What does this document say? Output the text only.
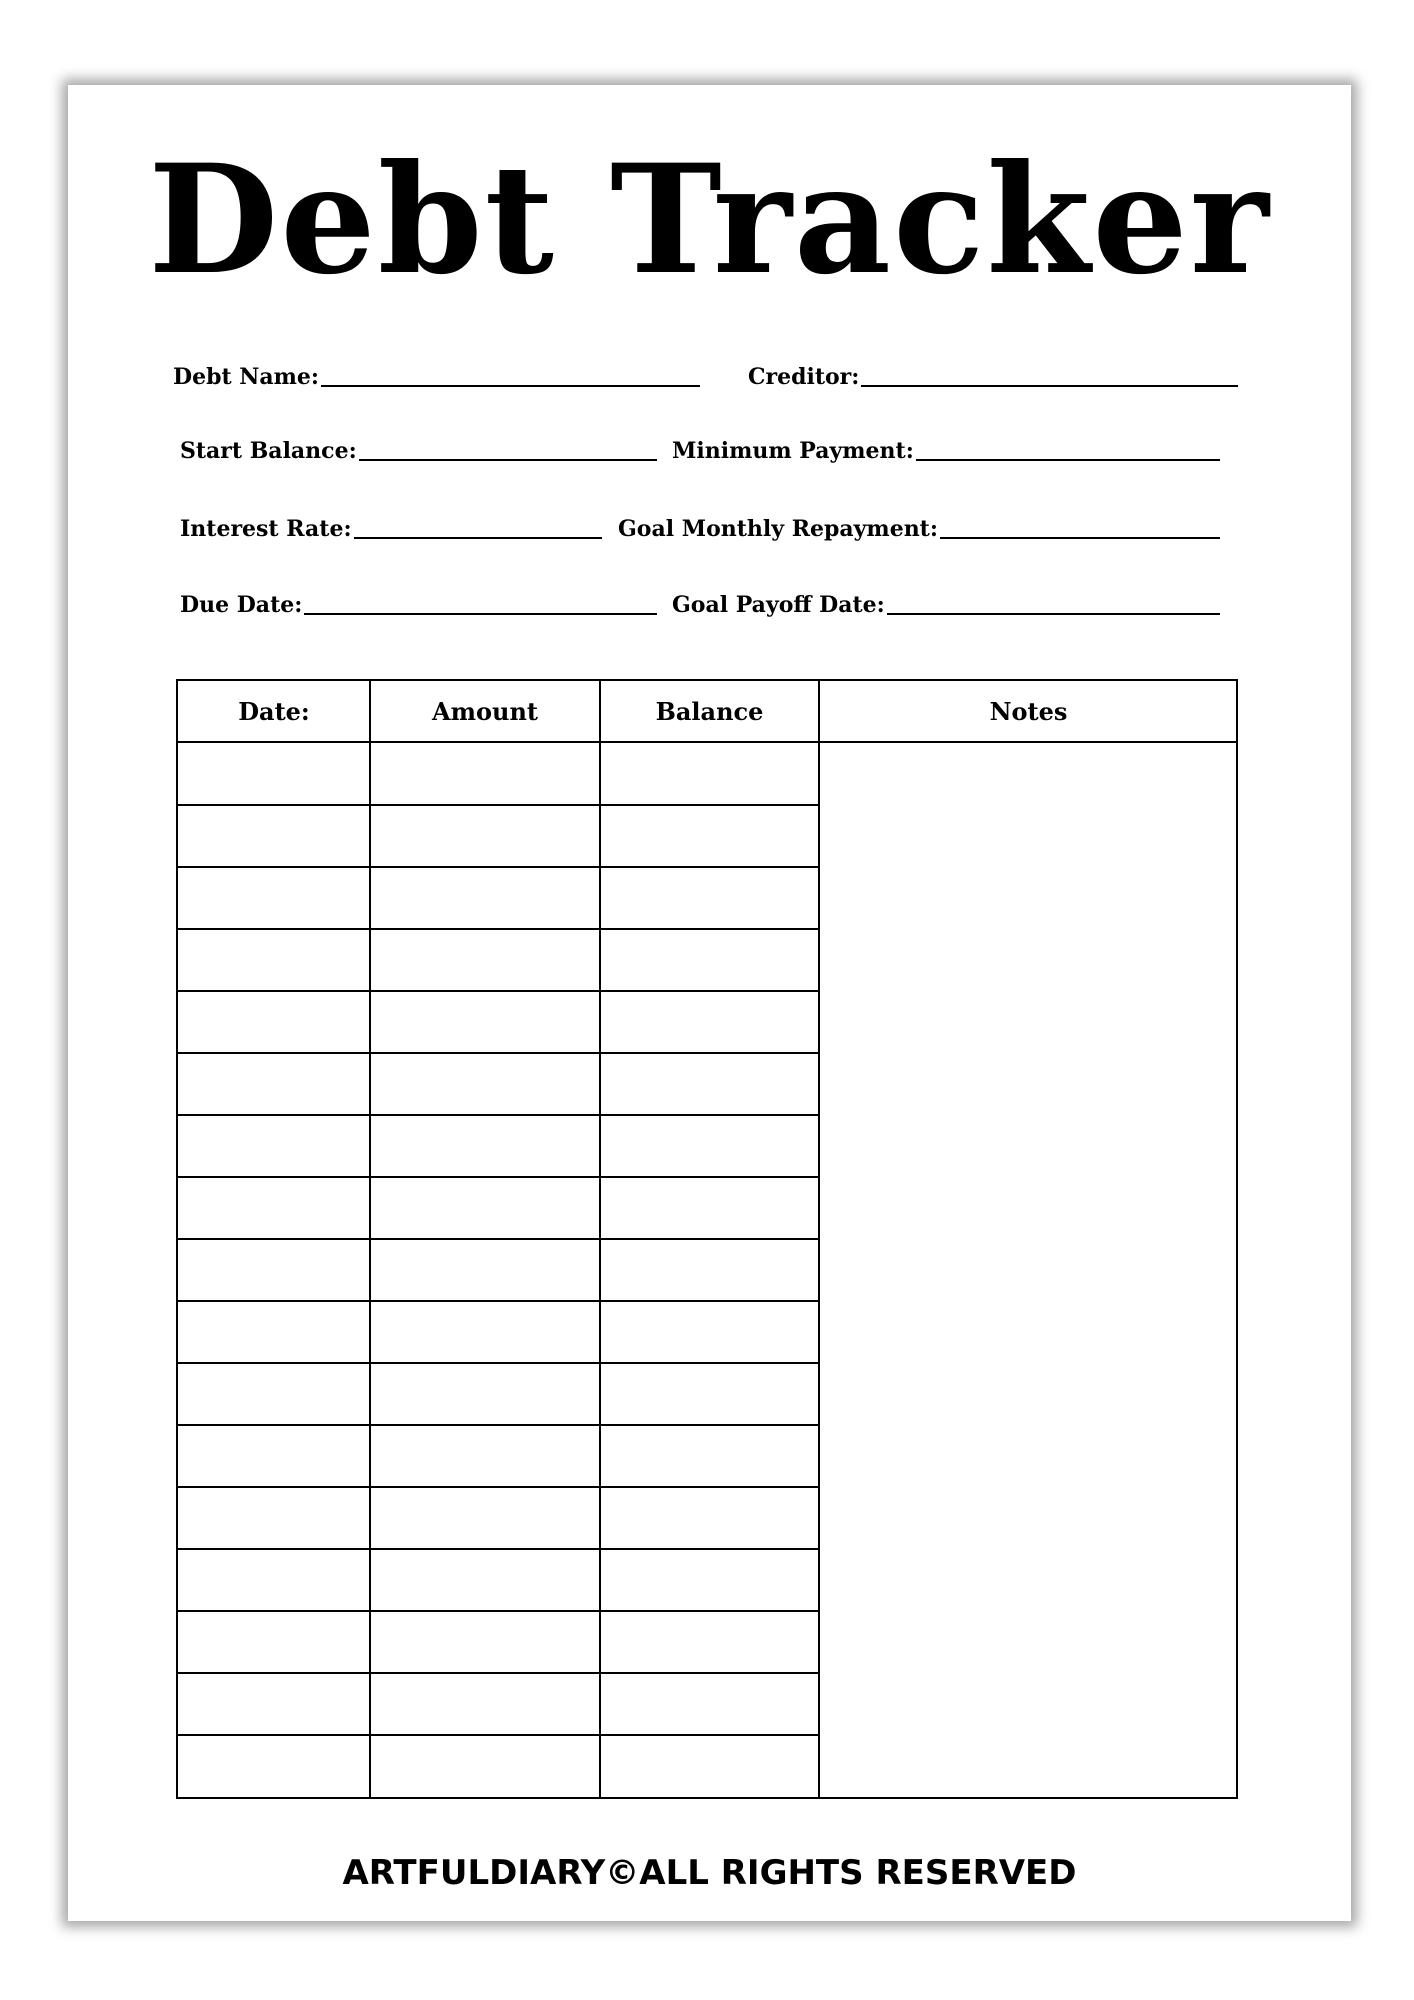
Debt Tracker
Debt Name:	Creditor:
Start Balance:	Minimum Payment:
Interest Rate:	Goal Monthly Repayment:
Due Date:	Goal Payoff Date:
Date:	Amount	Balance	Notes
ARTFULDIARY©ALL RIGHTS RESERVED
